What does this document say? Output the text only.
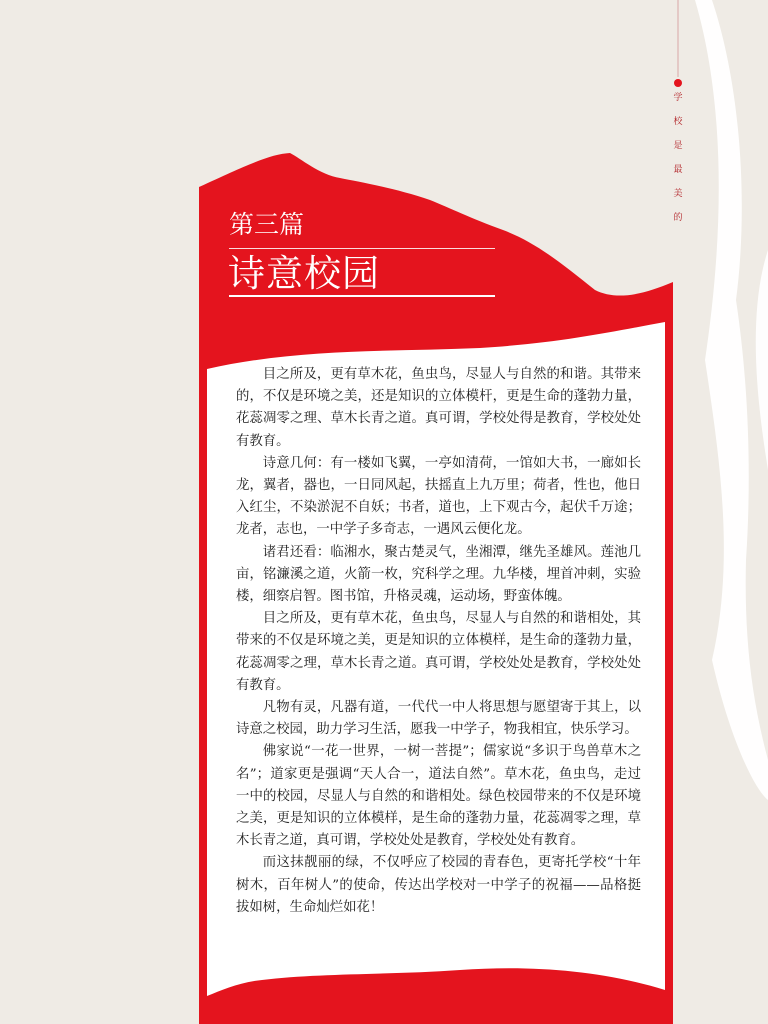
学
校
是
最
美
的
第三篇
诗意校园

目之所及，更有草木花，鱼虫鸟，尽显人与自然的和谐。其带来的，不仅是环境之美，还是知识的立体模杆，更是生命的蓬勃力量，花蕊凋零之理、草木长青之道。真可谓，学校处得是教育，学校处处有教育。

诗意几何：有一楼如飞翼，一亭如清荷，一馆如大书，一廊如长龙，翼者，器也，一日同风起，扶摇直上九万里；荷者，性也，他日入红尘，不染淤泥不自妖；书者，道也，上下观古今，起伏千万途；龙者，志也，一中学子多奇志，一遇风云便化龙。

诸君还看：临湘水，聚古楚灵气，坐湘潭，继先圣雄风。莲池几亩，铭濂溪之道，火箭一枚，究科学之理。九华楼，埋首冲刺，实验楼，细察启智。图书馆，升格灵魂，运动场，野蛮体魄。

目之所及，更有草木花，鱼虫鸟，尽显人与自然的和谐相处，其带来的不仅是环境之美，更是知识的立体模样，是生命的蓬勃力量，花蕊凋零之理，草木长青之道。真可谓，学校处处是教育，学校处处有教育。

凡物有灵，凡器有道，一代代一中人将思想与愿望寄于其上，以诗意之校园，助力学习生活，愿我一中学子，物我相宜，快乐学习。

佛家说“一花一世界，一树一菩提”；儒家说“多识于鸟兽草木之名”；道家更是强调“天人合一，道法自然”。草木花，鱼虫鸟，走过一中的校园，尽显人与自然的和谐相处。绿色校园带来的不仅是环境之美，更是知识的立体模样，是生命的蓬勃力量，花蕊凋零之理，草木长青之道，真可谓，学校处处是教育，学校处处有教育。

而这抹靓丽的绿，不仅呼应了校园的青春色，更寄托学校“十年树木，百年树人”的使命，传达出学校对一中学子的祝福——品格挺拔如树，生命灿烂如花！
